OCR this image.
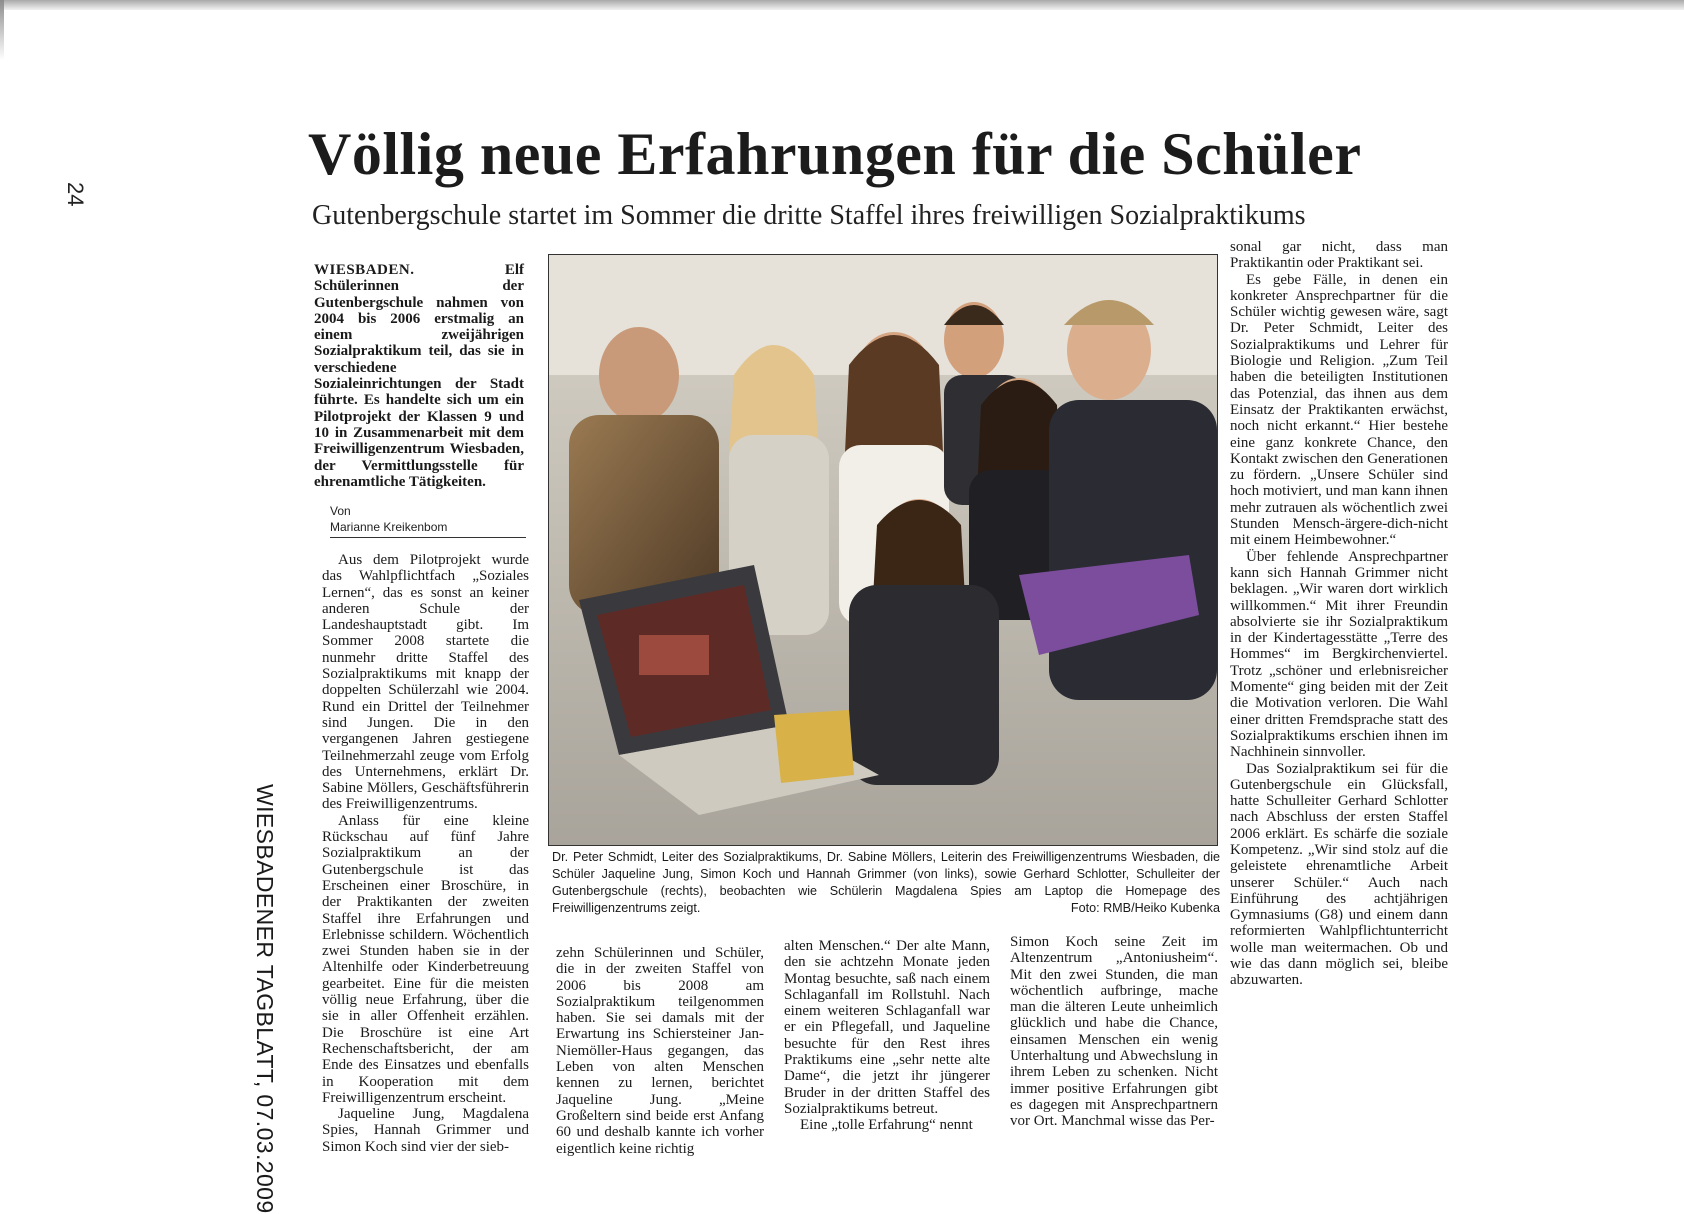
24
WIESBADENER TAGBLATT, 07.03.2009
Völlig neue Erfahrungen für die Schüler
Gutenbergschule startet im Sommer die dritte Staffel ihres freiwilligen Sozialpraktikums

WIESBADEN.	Elf Schülerinnen der Gutenbergschule nahmen von 2004 bis 2006 erstmalig an einem zweijährigen Sozialpraktikum teil, das sie in verschiedene Sozialeinrichtungen der Stadt führte. Es handelte sich um ein Pilotprojekt der Klassen 9 und 10 in Zusammenarbeit mit dem Freiwilligenzentrum Wiesbaden, der Vermittlungsstelle für ehrenamtliche Tätigkeiten.

Von
Marianne Kreikenbom

Aus dem Pilotprojekt wurde das Wahlpflichtfach „Soziales Lernen“, das es sonst an keiner anderen Schule der Landeshauptstadt gibt. Im Sommer 2008 startete die nunmehr dritte Staffel des Sozialpraktikums mit knapp der doppelten Schülerzahl wie 2004. Rund ein Drittel der Teilnehmer sind Jungen. Die in den vergangenen Jahren gestiegene Teilnehmerzahl zeuge vom Erfolg des Unternehmens, erklärt Dr. Sabine Möllers, Geschäftsführerin des Freiwilligenzentrums.

Anlass für eine kleine Rückschau auf fünf Jahre Sozialpraktikum an der Gutenbergschule ist das Erscheinen einer Broschüre, in der Praktikanten der zweiten Staffel ihre Erfahrungen und Erlebnisse schildern. Wöchentlich zwei Stunden haben sie in der Altenhilfe oder Kinderbetreuung gearbeitet. Eine für die meisten völlig neue Erfahrung, über die sie in aller Offenheit erzählen. Die Broschüre ist eine Art Rechenschaftsbericht, der am Ende des Einsatzes und ebenfalls in Kooperation mit dem Freiwilligenzentrum erscheint.

Jaqueline Jung, Magdalena Spies, Hannah Grimmer und Simon Koch sind vier der sieb-

Dr. Peter Schmidt, Leiter des Sozialpraktikums, Dr. Sabine Möllers, Leiterin des Freiwilligenzentrums Wiesbaden, die Schüler Jaqueline Jung, Simon Koch und Hannah Grimmer (von links), sowie Gerhard Schlotter, Schulleiter der Gutenbergschule (rechts), beobachten wie Schülerin Magdalena Spies am Laptop die Homepage des Freiwilligenzentrums zeigt.	Foto: RMB/Heiko Kubenka

zehn Schülerinnen und Schüler, die in der zweiten Staffel von 2006 bis 2008 am Sozialpraktikum teilgenommen haben. Sie sei damals mit der Erwartung ins Schiersteiner Jan-Niemöller-Haus gegangen, das Leben von alten Menschen kennen zu lernen, berichtet Jaqueline Jung. „Meine Großeltern sind beide erst Anfang 60 und deshalb kannte ich vorher eigentlich keine richtig

alten Menschen.“ Der alte Mann, den sie achtzehn Monate jeden Montag besuchte, saß nach einem Schlaganfall im Rollstuhl. Nach einem weiteren Schlaganfall war er ein Pflegefall, und Jaqueline besuchte für den Rest ihres Praktikums eine „sehr nette alte Dame“, die jetzt ihr jüngerer Bruder in der dritten Staffel des Sozialpraktikums betreut.

Eine „tolle Erfahrung“ nennt

Simon Koch seine Zeit im Altenzentrum „Antoniusheim“. Mit den zwei Stunden, die man wöchentlich aufbringe, mache man die älteren Leute unheimlich glücklich und habe die Chance, einsamen Menschen ein wenig Unterhaltung und Abwechslung in ihrem Leben zu schenken. Nicht immer positive Erfahrungen gibt es dagegen mit Ansprechpartnern vor Ort. Manchmal wisse das Per-

sonal gar nicht, dass man Praktikantin oder Praktikant sei.

Es gebe Fälle, in denen ein konkreter Ansprechpartner für die Schüler wichtig gewesen wäre, sagt Dr. Peter Schmidt, Leiter des Sozialpraktikums und Lehrer für Biologie und Religion. „Zum Teil haben die beteiligten Institutionen das Potenzial, das ihnen aus dem Einsatz der Praktikanten erwächst, noch nicht erkannt.“ Hier bestehe eine ganz konkrete Chance, den Kontakt zwischen den Generationen zu fördern. „Unsere Schüler sind hoch motiviert, und man kann ihnen mehr zutrauen als wöchentlich zwei Stunden Mensch-ärgere-dich-nicht mit einem Heimbewohner.“

Über fehlende Ansprechpartner kann sich Hannah Grimmer nicht beklagen. „Wir waren dort wirklich willkommen.“ Mit ihrer Freundin absolvierte sie ihr Sozialpraktikum in der Kindertagesstätte „Terre des Hommes“ im Bergkirchenviertel. Trotz „schöner und erlebnisreicher Momente“ ging beiden mit der Zeit die Motivation verloren. Die Wahl einer dritten Fremdsprache statt des Sozialpraktikums erschien ihnen im Nachhinein sinnvoller.

Das Sozialpraktikum sei für die Gutenbergschule ein Glücksfall, hatte Schulleiter Gerhard Schlotter nach Abschluss der ersten Staffel 2006 erklärt. Es schärfe die soziale Kompetenz. „Wir sind stolz auf die geleistete ehrenamtliche Arbeit unserer Schüler.“ Auch nach Einführung des achtjährigen Gymnasiums (G8) und einem dann reformierten Wahlpflichtunterricht wolle man weitermachen. Ob und wie das dann möglich sei, bleibe abzuwarten.
